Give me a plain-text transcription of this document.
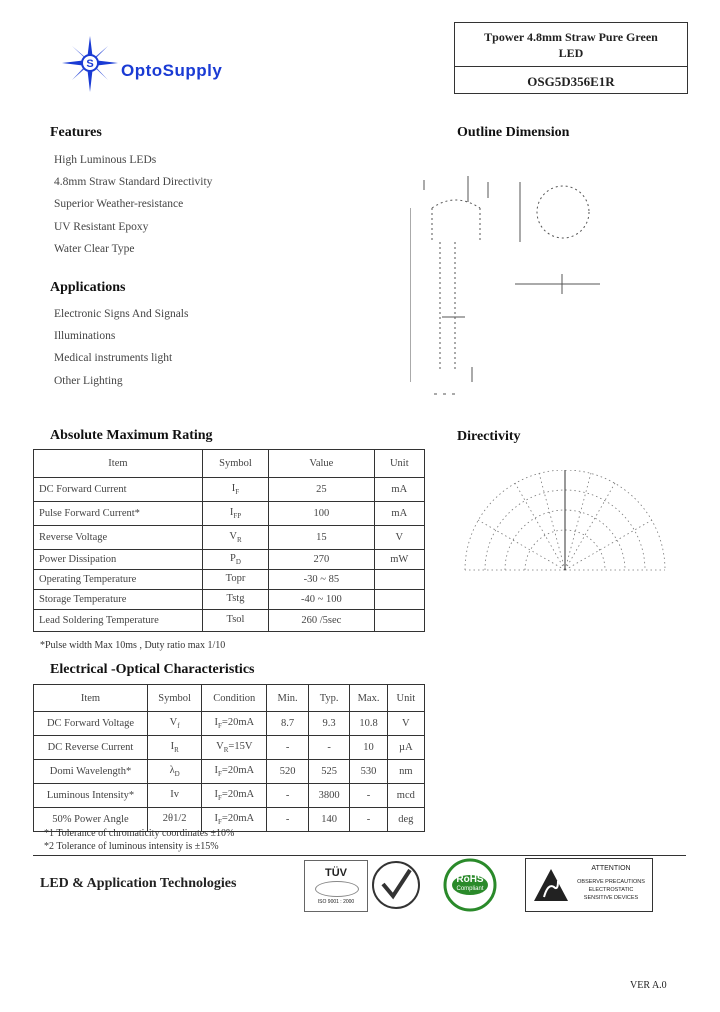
S OptoSupply
Tpower 4.8mm Straw Pure Green
LED
OSG5D356E1R
Features
High Luminous LEDs
4.8mm Straw Standard Directivity
Superior Weather-resistance
UV Resistant Epoxy
Water Clear Type
Applications
Electronic Signs And Signals
Illuminations
Medical instruments light
Other Lighting
Outline Dimension
Absolute Maximum Rating
Item	Symbol	Value	Unit
DC Forward Current	$I_F$	25	mA
Pulse Forward Current*	$I_{FP}$	100	mA
Reverse Voltage	$V_R$	15	V
Power Dissipation	$P_D$	270	mW
Operating Temperature	Topr	-30 ~ 85	
Storage Temperature	Tstg	-40 ~ 100	
Lead Soldering Temperature	Tsol	260 /5sec	
*Pulse width Max 10ms , Duty ratio max 1/10
Directivity
Electrical -Optical Characteristics
Item	Symbol	Condition	Min.	Typ.	Max.	Unit
DC Forward Voltage	$V_f$	$I_F=20mA$	8.7	9.3	10.8	V
DC Reverse Current	$I_R$	$V_R=15V$	-	-	10	µA
Domi Wavelength*	$\lambda_D$	$I_F=20mA$	520	525	530	nm
Luminous Intensity*	Iv	$I_F=20mA$	-	3800	-	mcd
50% Power Angle	2θ1/2	$I_F=20mA$	-	140	-	deg
*1 Tolerance of chromaticity coordinates ±10%
*2 Tolerance of luminous intensity is ±15%
LED & Application Technologies
TÜV
ISO 9001 : 2000
RoHS
Compliant
ATTENTION
OBSERVE PRECAUTIONS
ELECTROSTATIC
SENSITIVE DEVICES
VER A.0
